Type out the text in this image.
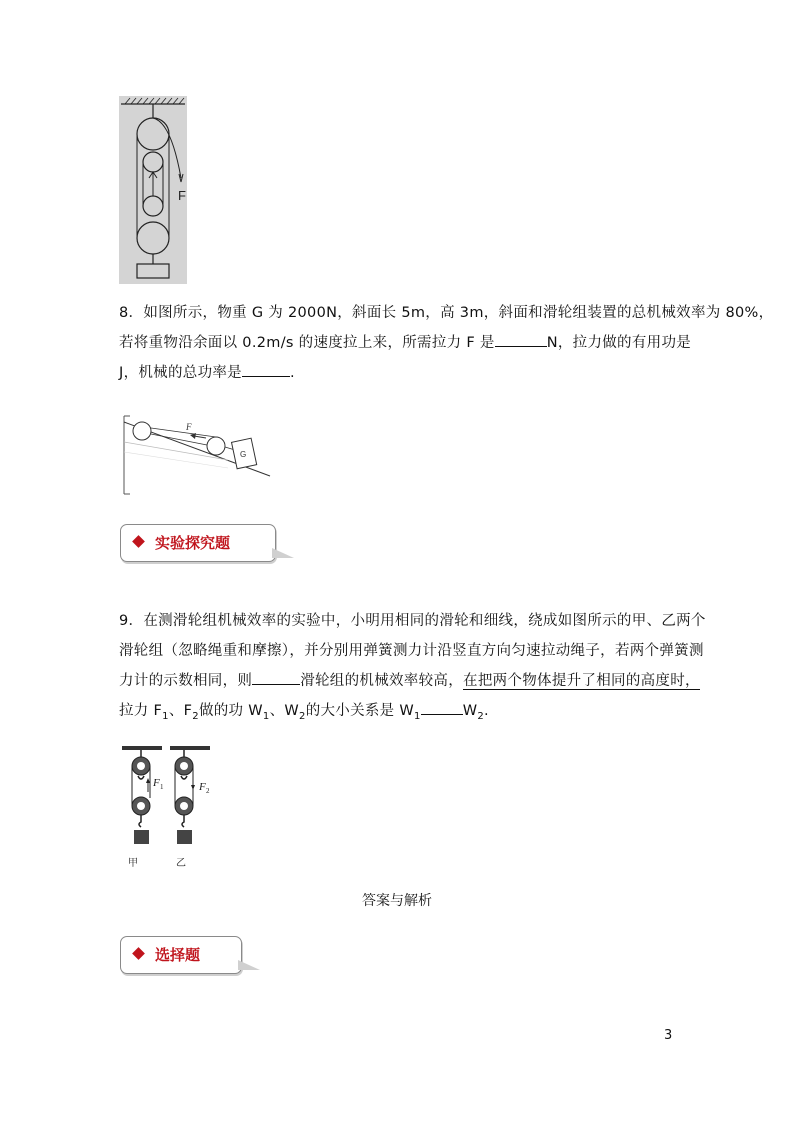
F

8．如图所示，物重 G 为 2000N，斜面长 5m，高 3m，斜面和滑轮组装置的总机械效率为 80%，

若将重物沿余面以 0.2m/s 的速度拉上来，所需拉力 F 是	N，拉力做的有用功是

J，机械的总功率是	.

F
G
实验探究题

9．在测滑轮组机械效率的实验中，小明用相同的滑轮和细线，绕成如图所示的甲、乙两个

滑轮组（忽略绳重和摩擦），并分别用弹簧测力计沿竖直方向匀速拉动绳子，若两个弹簧测

力计的示数相同，则	滑轮组的机械效率较高，在把两个物体提升了相同的高度时，

拉力 $F_1$、$F_2$做的功 $W_1$、$W_2$的大小关系是 $W_1$	$W_2$.

F 1	F 2
甲	乙
答案与解析
选择题
3
